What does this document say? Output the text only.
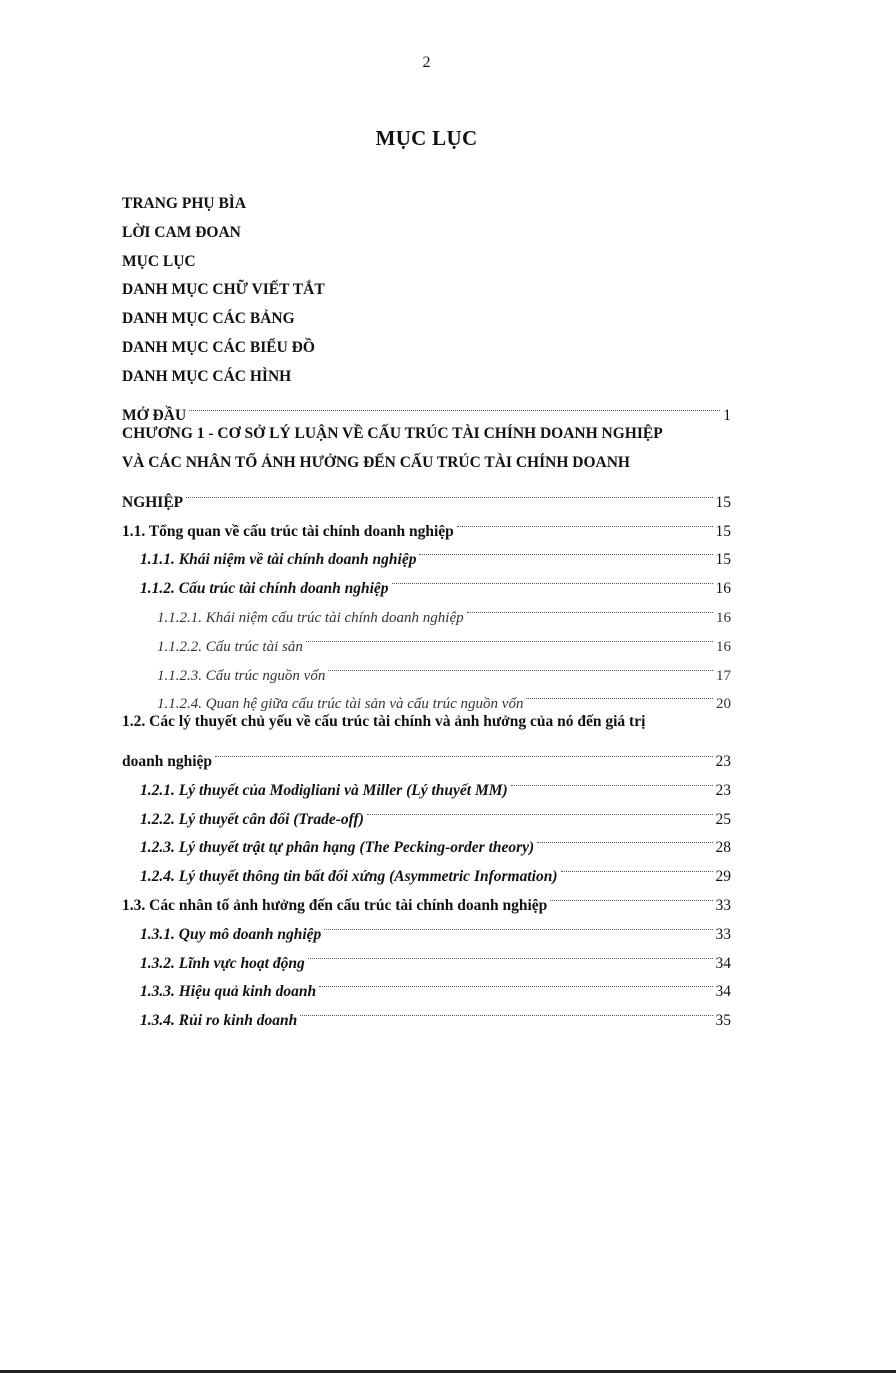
2
MỤC LỤC
TRANG PHỤ BÌA
LỜI CAM ĐOAN
MỤC LỤC
DANH MỤC CHỮ VIẾT TẮT
DANH MỤC CÁC BẢNG
DANH MỤC CÁC BIỂU ĐỒ
DANH MỤC CÁC HÌNH
MỞ ĐẦU	1
CHƯƠNG 1 - CƠ SỞ LÝ LUẬN VỀ CẤU TRÚC TÀI CHÍNH DOANH NGHIỆP
VÀ CÁC NHÂN TỐ ẢNH HƯỞNG ĐẾN CẤU TRÚC TÀI CHÍNH DOANH
NGHIỆP	15
1.1. Tổng quan về cấu trúc tài chính doanh nghiệp	15
1.1.1. Khái niệm về tài chính doanh nghiệp	15
1.1.2. Cấu trúc tài chính doanh nghiệp	16
1.1.2.1. Khái niệm cấu trúc tài chính doanh nghiệp	16
1.1.2.2. Cấu trúc tài sản	16
1.1.2.3. Cấu trúc nguồn vốn	17
1.1.2.4. Quan hệ giữa cấu trúc tài sản và cấu trúc nguồn vốn	20
1.2. Các lý thuyết chủ yếu về cấu trúc tài chính và ảnh hưởng của nó đến giá trị
doanh nghiệp	23
1.2.1. Lý thuyết của Modigliani và Miller (Lý thuyết MM)	23
1.2.2. Lý thuyết cân đối (Trade-off)	25
1.2.3. Lý thuyết trật tự phân hạng (The Pecking-order theory)	28
1.2.4. Lý thuyết thông tin bất đối xứng (Asymmetric Information)	29
1.3. Các nhân tố ảnh hưởng đến cấu trúc tài chính doanh nghiệp	33
1.3.1. Quy mô doanh nghiệp	33
1.3.2. Lĩnh vực hoạt động	34
1.3.3. Hiệu quả kinh doanh	34
1.3.4. Rủi ro kinh doanh	35
